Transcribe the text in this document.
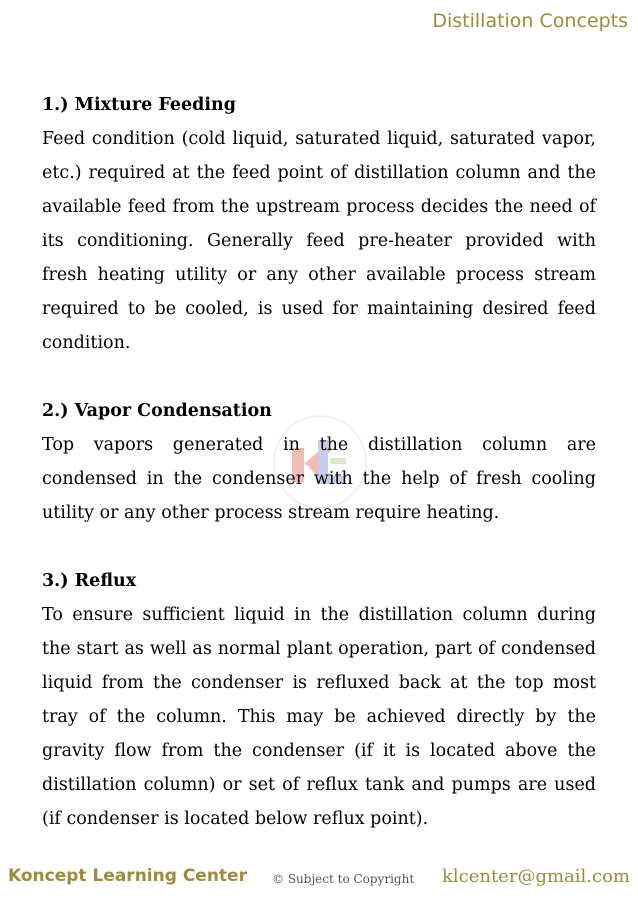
Distillation Concepts

1.) Mixture Feeding

Feed condition (cold liquid, saturated liquid, saturated vapor, etc.) required at the feed point of distillation column and the available feed from the upstream process decides the need of its conditioning. Generally feed pre-heater provided with fresh heating utility or any other available process stream required to be cooled, is used for maintaining desired feed condition.

2.) Vapor Condensation

Top vapors generated in the distillation column are condensed in the condenser with the help of fresh cooling utility or any other process stream require heating.

3.) Reflux

To ensure sufficient liquid in the distillation column during the start as well as normal plant operation, part of condensed liquid from the condenser is refluxed back at the top most tray of the column. This may be achieved directly by the gravity flow from the condenser (if it is located above the distillation column) or set of reflux tank and pumps are used (if condenser is located below reflux point).

Koncept Learning Center © Subject to Copyright klcenter@gmail.com
